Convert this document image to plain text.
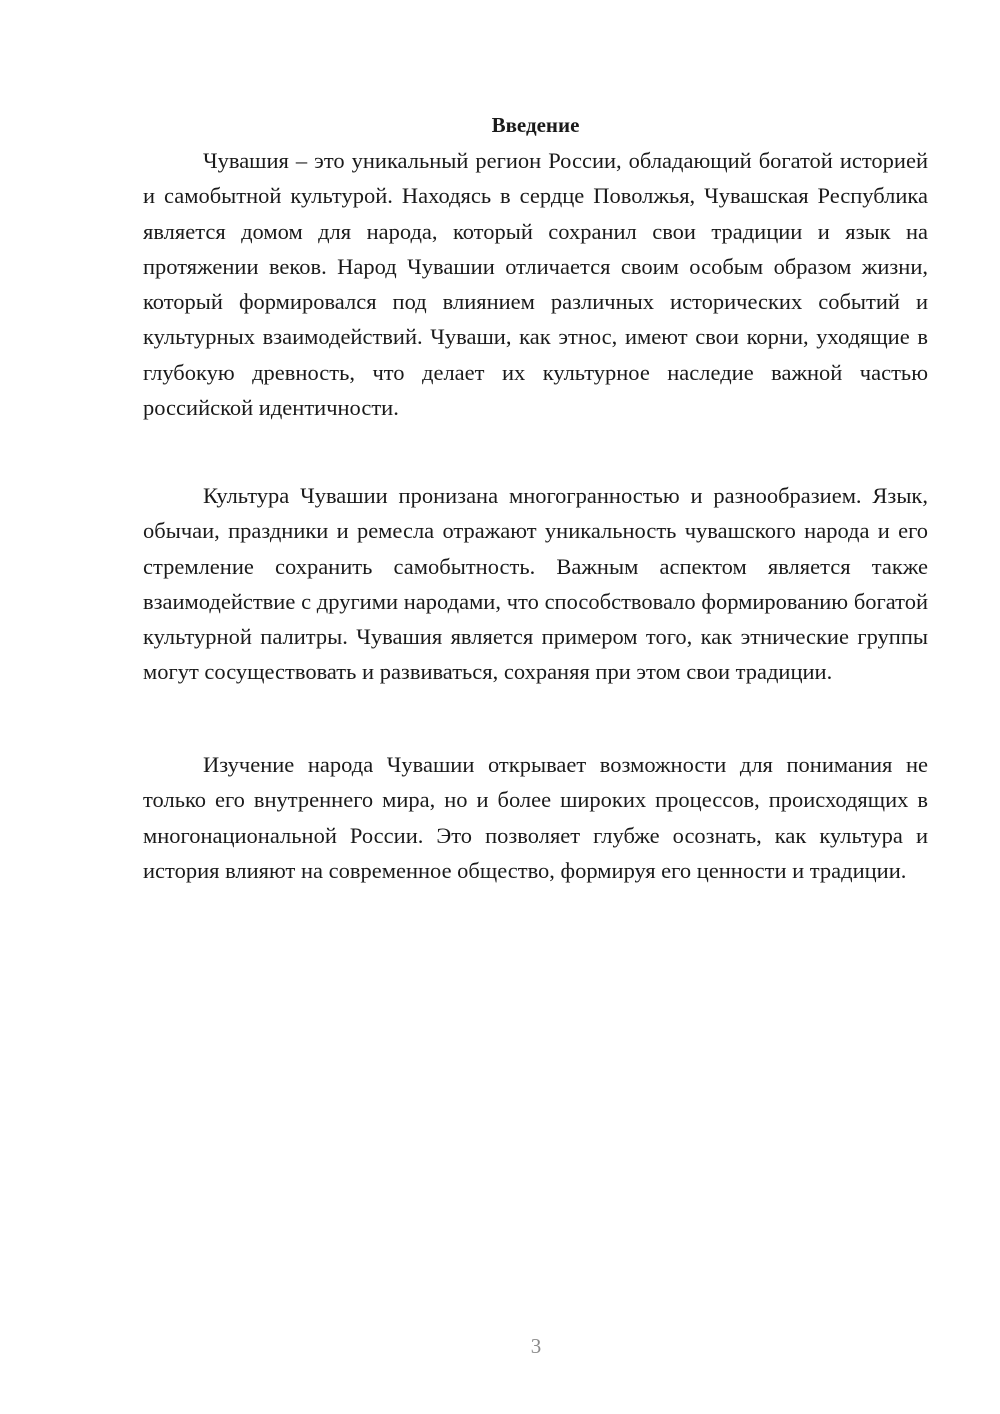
Введение

Чувашия – это уникальный регион России, обладающий богатой историей и самобытной культурой. Находясь в сердце Поволжья, Чувашская Республика является домом для народа, который сохранил свои традиции и язык на протяжении веков. Народ Чувашии отличается своим особым образом жизни, который формировался под влиянием различных исторических событий и культурных взаимодействий. Чуваши, как этнос, имеют свои корни, уходящие в глубокую древность, что делает их культурное наследие важной частью российской идентичности.

Культура Чувашии пронизана многогранностью и разнообразием. Язык, обычаи, праздники и ремесла отражают уникальность чувашского народа и его стремление сохранить самобытность. Важным аспектом является также взаимодействие с другими народами, что способствовало формированию богатой культурной палитры. Чувашия является примером того, как этнические группы могут сосуществовать и развиваться, сохраняя при этом свои традиции.

Изучение народа Чувашии открывает возможности для понимания не только его внутреннего мира, но и более широких процессов, происходящих в многонациональной России. Это позволяет глубже осознать, как культура и история влияют на современное общество, формируя его ценности и традиции.

3
